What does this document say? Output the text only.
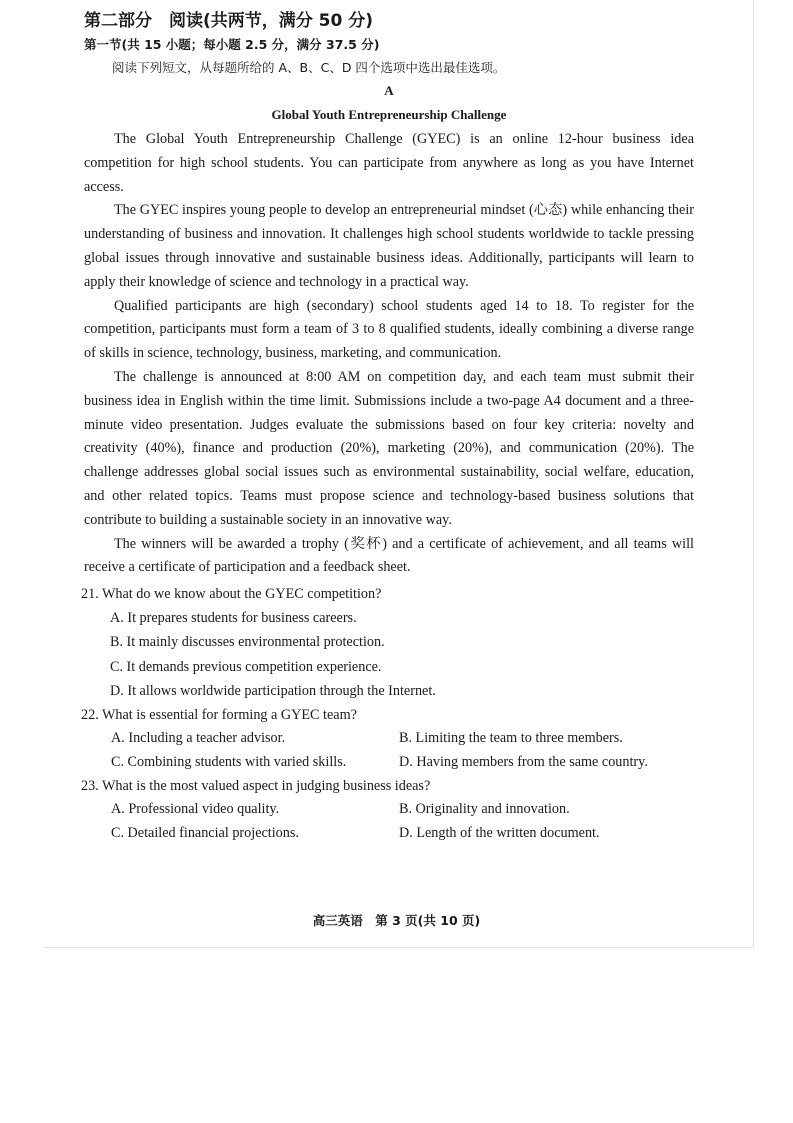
第二部分　阅读(共两节，满分 50 分)
第一节(共 15 小题；每小题 2.5 分，满分 37.5 分)

阅读下列短文，从每题所给的 A、B、C、D 四个选项中选出最佳选项。

A

Global Youth Entrepreneurship Challenge

The Global Youth Entrepreneurship Challenge (GYEC) is an online 12-hour business idea competition for high school students. You can participate from anywhere as long as you have Internet access.

The GYEC inspires young people to develop an entrepreneurial mindset (心态) while enhancing their understanding of business and innovation. It challenges high school students worldwide to tackle pressing global issues through innovative and sustainable business ideas. Additionally, participants will learn to apply their knowledge of science and technology in a practical way.

Qualified participants are high (secondary) school students aged 14 to 18. To register for the competition, participants must form a team of 3 to 8 qualified students, ideally combining a diverse range of skills in science, technology, business, marketing, and communication.

The challenge is announced at 8:00 AM on competition day, and each team must submit their business idea in English within the time limit. Submissions include a two-page A4 document and a three-minute video presentation. Judges evaluate the submissions based on four key criteria: novelty and creativity (40%), finance and production (20%), marketing (20%), and communication (20%). The challenge addresses global social issues such as environmental sustainability, social welfare, education, and other related topics. Teams must propose science and technology-based business solutions that contribute to building a sustainable society in an innovative way.

The winners will be awarded a trophy (奖杯) and a certificate of achievement, and all teams will receive a certificate of participation and a feedback sheet.

21. What do we know about the GYEC competition?

A. It prepares students for business careers.
B. It mainly discusses environmental protection.
C. It demands previous competition experience.
D. It allows worldwide participation through the Internet.

22. What is essential for forming a GYEC team?

A. Including a teacher advisor.	B. Limiting the team to three members.
C. Combining students with varied skills.	D. Having members from the same country.

23. What is the most valued aspect in judging business ideas?

A. Professional video quality.	B. Originality and innovation.
C. Detailed financial projections.	D. Length of the written document.
高三英语　第 3 页(共 10 页)
